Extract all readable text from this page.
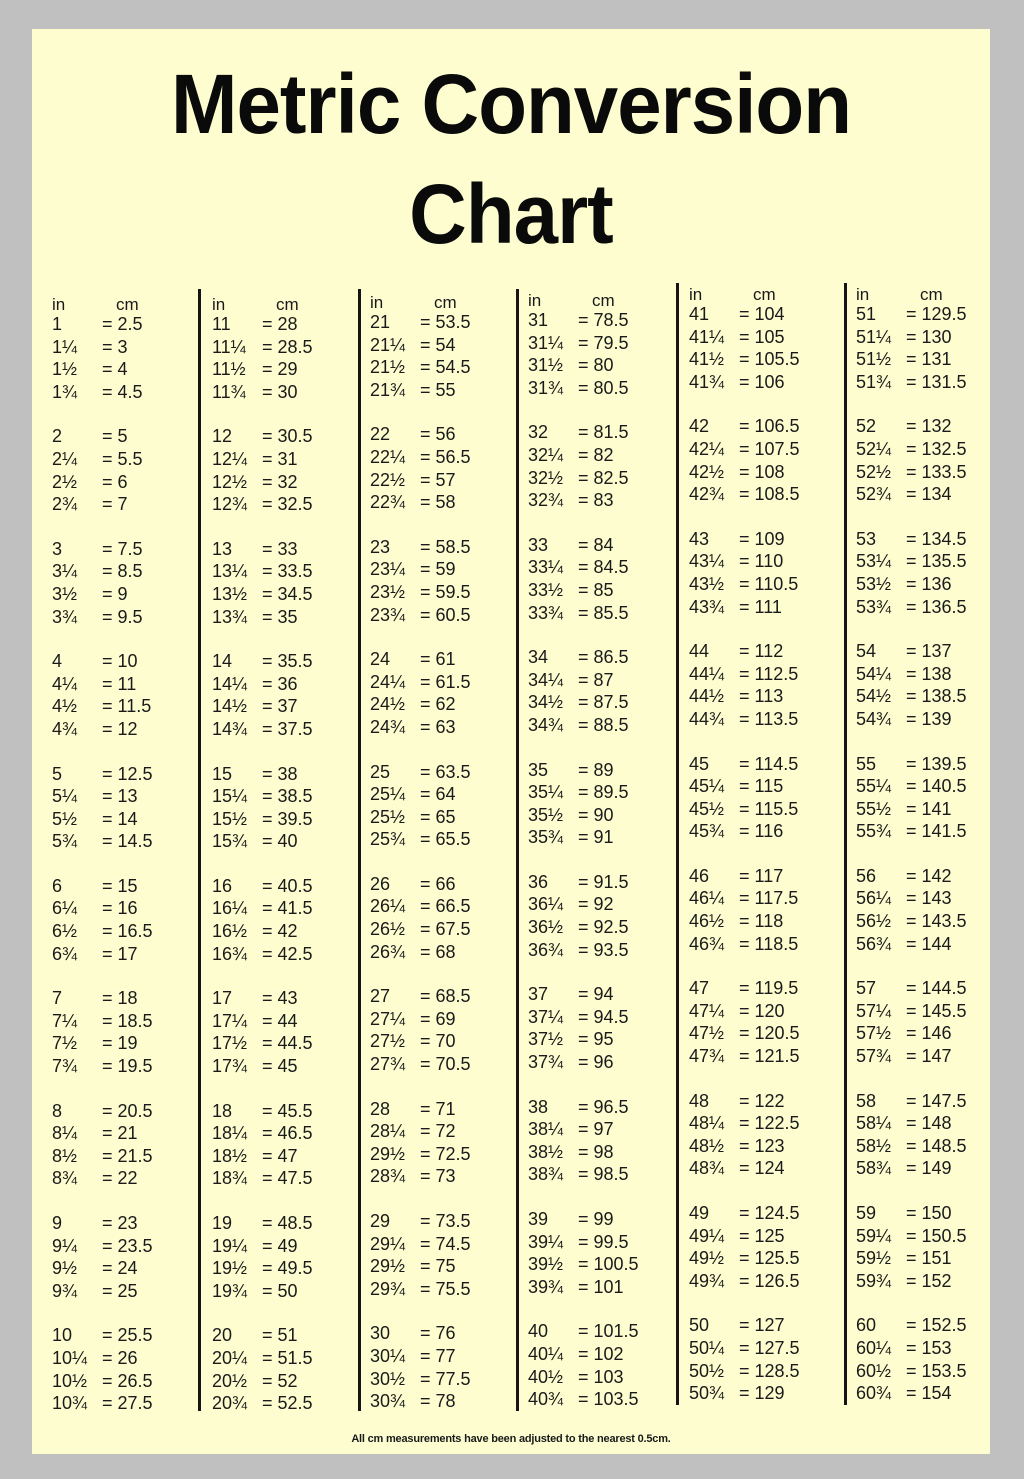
Metric Conversion
Chart
in	cm
1 = 2.5
1¼ = 3
1½ = 4
1¾ = 4.5
2 = 5
2¼ = 5.5
2½ = 6
2¾ = 7
3 = 7.5
3¼ = 8.5
3½ = 9
3¾ = 9.5
4 = 10
4¼ = 11
4½ = 11.5
4¾ = 12
5 = 12.5
5¼ = 13
5½ = 14
5¾ = 14.5
6 = 15
6¼ = 16
6½ = 16.5
6¾ = 17
7 = 18
7¼ = 18.5
7½ = 19
7¾ = 19.5
8 = 20.5
8¼ = 21
8½ = 21.5
8¾ = 22
9 = 23
9¼ = 23.5
9½ = 24
9¾ = 25
10 = 25.5
10¼ = 26
10½ = 26.5
10¾ = 27.5
in	cm
11 = 28
11¼ = 28.5
11½ = 29
11¾ = 30
12 = 30.5
12¼ = 31
12½ = 32
12¾ = 32.5
13 = 33
13¼ = 33.5
13½ = 34.5
13¾ = 35
14 = 35.5
14¼ = 36
14½ = 37
14¾ = 37.5
15 = 38
15¼ = 38.5
15½ = 39.5
15¾ = 40
16 = 40.5
16¼ = 41.5
16½ = 42
16¾ = 42.5
17 = 43
17¼ = 44
17½ = 44.5
17¾ = 45
18 = 45.5
18¼ = 46.5
18½ = 47
18¾ = 47.5
19 = 48.5
19¼ = 49
19½ = 49.5
19¾ = 50
20 = 51
20¼ = 51.5
20½ = 52
20¾ = 52.5
in	cm
21 = 53.5
21¼ = 54
21½ = 54.5
21¾ = 55
22 = 56
22¼ = 56.5
22½ = 57
22¾ = 58
23 = 58.5
23¼ = 59
23½ = 59.5
23¾ = 60.5
24 = 61
24¼ = 61.5
24½ = 62
24¾ = 63
25 = 63.5
25¼ = 64
25½ = 65
25¾ = 65.5
26 = 66
26¼ = 66.5
26½ = 67.5
26¾ = 68
27 = 68.5
27¼ = 69
27½ = 70
27¾ = 70.5
28 = 71
28¼ = 72
29½ = 72.5
28¾ = 73
29 = 73.5
29¼ = 74.5
29½ = 75
29¾ = 75.5
30 = 76
30¼ = 77
30½ = 77.5
30¾ = 78
in	cm
31 = 78.5
31¼ = 79.5
31½ = 80
31¾ = 80.5
32 = 81.5
32¼ = 82
32½ = 82.5
32¾ = 83
33 = 84
33¼ = 84.5
33½ = 85
33¾ = 85.5
34 = 86.5
34¼ = 87
34½ = 87.5
34¾ = 88.5
35 = 89
35¼ = 89.5
35½ = 90
35¾ = 91
36 = 91.5
36¼ = 92
36½ = 92.5
36¾ = 93.5
37 = 94
37¼ = 94.5
37½ = 95
37¾ = 96
38 = 96.5
38¼ = 97
38½ = 98
38¾ = 98.5
39 = 99
39¼ = 99.5
39½ = 100.5
39¾ = 101
40 = 101.5
40¼ = 102
40½ = 103
40¾ = 103.5
in	cm
41 = 104
41¼ = 105
41½ = 105.5
41¾ = 106
42 = 106.5
42¼ = 107.5
42½ = 108
42¾ = 108.5
43 = 109
43¼ = 110
43½ = 110.5
43¾ = 111
44 = 112
44¼ = 112.5
44½ = 113
44¾ = 113.5
45 = 114.5
45¼ = 115
45½ = 115.5
45¾ = 116
46 = 117
46¼ = 117.5
46½ = 118
46¾ = 118.5
47 = 119.5
47¼ = 120
47½ = 120.5
47¾ = 121.5
48 = 122
48¼ = 122.5
48½ = 123
48¾ = 124
49 = 124.5
49¼ = 125
49½ = 125.5
49¾ = 126.5
50 = 127
50¼ = 127.5
50½ = 128.5
50¾ = 129
in	cm
51 = 129.5
51¼ = 130
51½ = 131
51¾ = 131.5
52 = 132
52¼ = 132.5
52½ = 133.5
52¾ = 134
53 = 134.5
53¼ = 135.5
53½ = 136
53¾ = 136.5
54 = 137
54¼ = 138
54½ = 138.5
54¾ = 139
55 = 139.5
55¼ = 140.5
55½ = 141
55¾ = 141.5
56 = 142
56¼ = 143
56½ = 143.5
56¾ = 144
57 = 144.5
57¼ = 145.5
57½ = 146
57¾ = 147
58 = 147.5
58¼ = 148
58½ = 148.5
58¾ = 149
59 = 150
59¼ = 150.5
59½ = 151
59¾ = 152
60 = 152.5
60¼ = 153
60½ = 153.5
60¾ = 154
All cm measurements have been adjusted to the nearest 0.5cm.
